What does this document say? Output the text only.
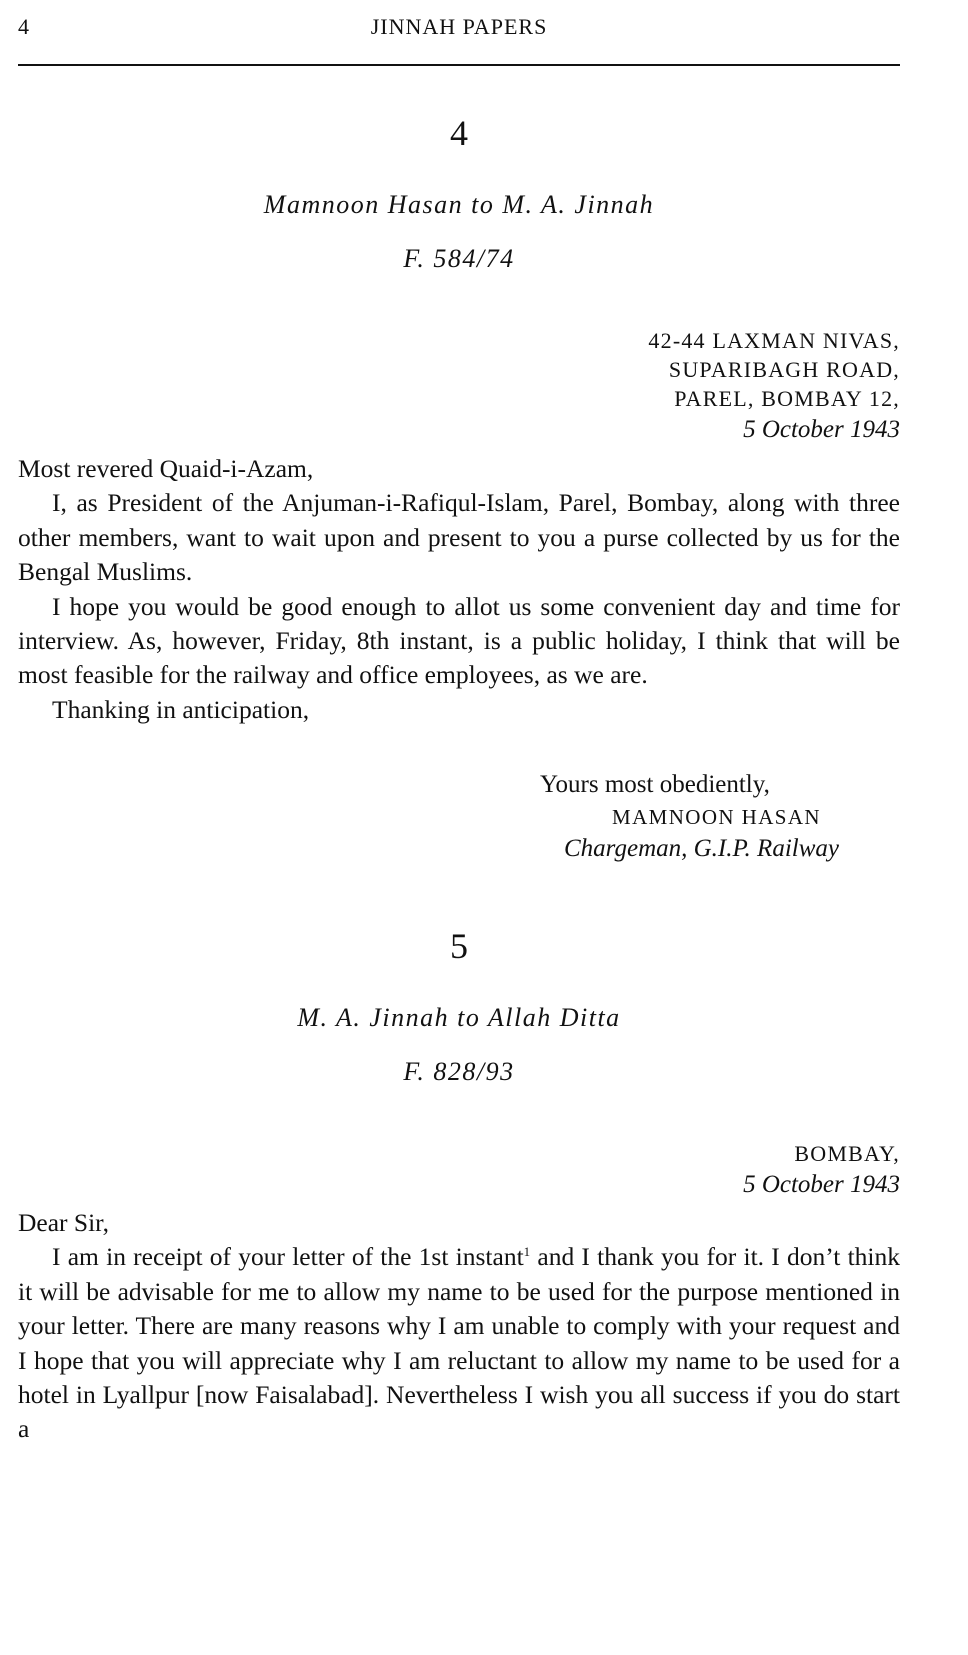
4	JINNAH PAPERS
4
Mamnoon Hasan to M. A. Jinnah
F. 584/74
42-44 LAXMAN NIVAS,
SUPARIBAGH ROAD,
PAREL, BOMBAY 12,
5 October 1943

Most revered Quaid-i-Azam,

I, as President of the Anjuman-i-Rafiqul-Islam, Parel, Bombay, along with three other members, want to wait upon and present to you a purse collected by us for the Bengal Muslims.

I hope you would be good enough to allot us some convenient day and time for interview. As, however, Friday, 8th instant, is a public holiday, I think that will be most feasible for the railway and office employees, as we are.

Thanking in anticipation,

Yours most obediently,
MAMNOON HASAN
Chargeman, G.I.P. Railway
5
M. A. Jinnah to Allah Ditta
F. 828/93
BOMBAY,
5 October 1943

Dear Sir,

I am in receipt of your letter of the 1st instant$^1$ and I thank you for it. I don’t think it will be advisable for me to allow my name to be used for the purpose mentioned in your letter. There are many reasons why I am unable to comply with your request and I hope that you will appreciate why I am reluctant to allow my name to be used for a hotel in Lyallpur [now Faisalabad]. Nevertheless I wish you all success if you do start a
